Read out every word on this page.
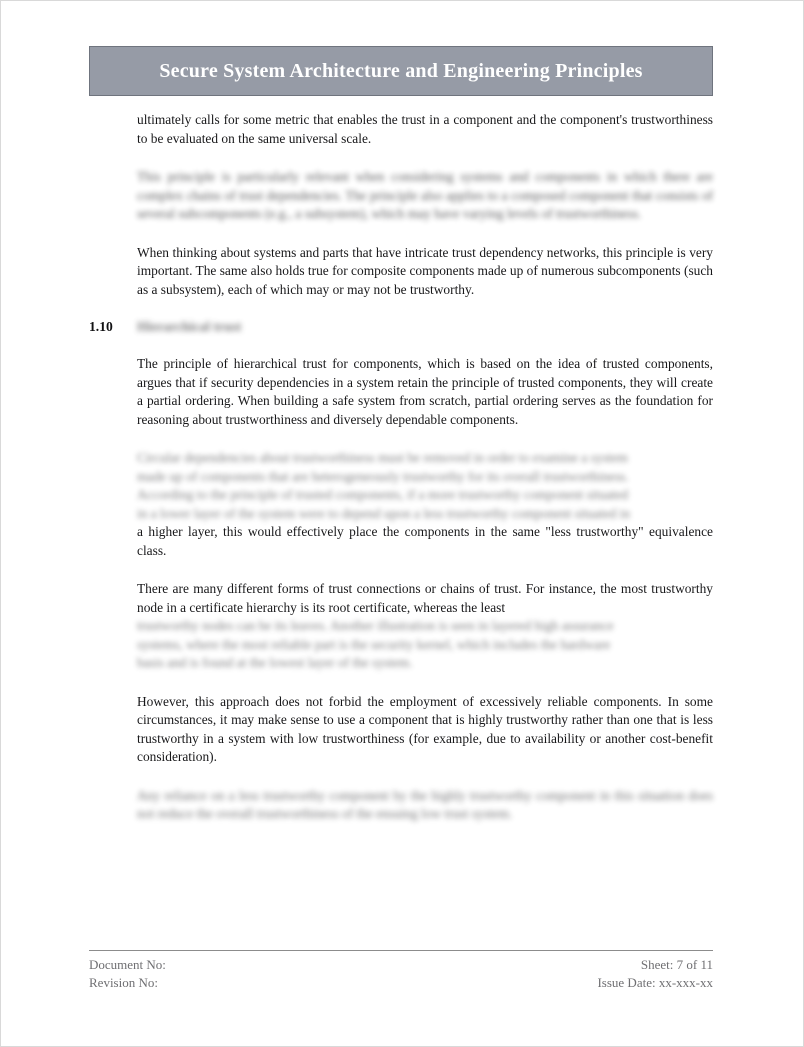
Secure System Architecture and Engineering Principles

ultimately calls for some metric that enables the trust in a component and the component's trustworthiness to be evaluated on the same universal scale.

This principle is particularly relevant when considering systems and components in which there are complex chains of trust dependencies. The principle also applies to a composed component that consists of several subcomponents (e.g., a subsystem), which may have varying levels of trustworthiness.

When thinking about systems and parts that have intricate trust dependency networks, this principle is very important. The same also holds true for composite components made up of numerous subcomponents (such as a subsystem), each of which may or may not be trustworthy.

1.10	Hierarchical trust

The principle of hierarchical trust for components, which is based on the idea of trusted components, argues that if security dependencies in a system retain the principle of trusted components, they will create a partial ordering. When building a safe system from scratch, partial ordering serves as the foundation for reasoning about trustworthiness and diversely dependable components.

Circular dependencies about trustworthiness must be removed in order to examine a system
made up of components that are heterogeneously trustworthy for its overall trustworthiness.
According to the principle of trusted components, if a more trustworthy component situated
in a lower layer of the system were to depend upon a less trustworthy component situated in
a higher layer, this would effectively place the components in the same "less trustworthy" equivalence class.

There are many different forms of trust connections or chains of trust. For instance, the most trustworthy node in a certificate hierarchy is its root certificate, whereas the least
trustworthy nodes can be its leaves. Another illustration is seen in layered high assurance
systems, where the most reliable part is the security kernel, which includes the hardware
basis and is found at the lowest layer of the system.

However, this approach does not forbid the employment of excessively reliable components. In some circumstances, it may make sense to use a component that is highly trustworthy rather than one that is less trustworthy in a system with low trustworthiness (for example, due to availability or another cost-benefit consideration).

Any reliance on a less trustworthy component by the highly trustworthy component in this situation does not reduce the overall trustworthiness of the ensuing low trust system.

Document No:
Revision No:
Sheet: 7 of 11
Issue Date: xx-xxx-xx
